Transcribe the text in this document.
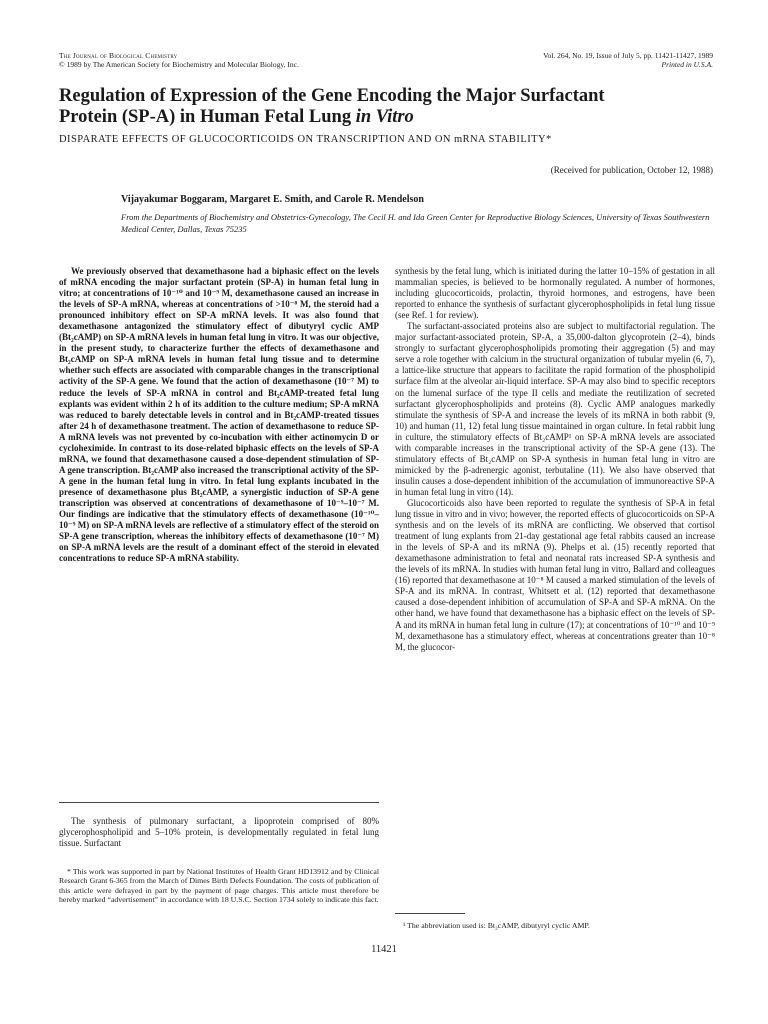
The Journal of Biological Chemistry
© 1989 by The American Society for Biochemistry and Molecular Biology, Inc.
Vol. 264, No. 19, Issue of July 5, pp. 11421-11427, 1989
Printed in U.S.A.
Regulation of Expression of the Gene Encoding the Major Surfactant
Protein (SP-A) in Human Fetal Lung in Vitro
DISPARATE EFFECTS OF GLUCOCORTICOIDS ON TRANSCRIPTION AND ON mRNA STABILITY*
(Received for publication, October 12, 1988)
Vijayakumar Boggaram, Margaret E. Smith, and Carole R. Mendelson
From the Departments of Biochemistry and Obstetrics-Gynecology, The Cecil H. and Ida Green Center for Reproductive Biology Sciences, University of Texas Southwestern Medical Center, Dallas, Texas 75235

We previously observed that dexamethasone had a biphasic effect on the levels of mRNA encoding the major surfactant protein (SP-A) in human fetal lung in vitro; at concentrations of 10⁻¹⁰ and 10⁻⁹ M, dexamethasone caused an increase in the levels of SP-A mRNA, whereas at concentrations of >10⁻⁸ M, the steroid had a pronounced inhibitory effect on SP-A mRNA levels. It was also found that dexamethasone antagonized the stimulatory effect of dibutyryl cyclic AMP (Bt₂cAMP) on SP-A mRNA levels in human fetal lung in vitro. It was our objective, in the present study, to characterize further the effects of dexamethasone and Bt₂cAMP on SP-A mRNA levels in human fetal lung tissue and to determine whether such effects are associated with comparable changes in the transcriptional activity of the SP-A gene. We found that the action of dexamethasone (10⁻⁷ M) to reduce the levels of SP-A mRNA in control and Bt₂cAMP-treated fetal lung explants was evident within 2 h of its addition to the culture medium; SP-A mRNA was reduced to barely detectable levels in control and in Bt₂cAMP-treated tissues after 24 h of dexamethasone treatment. The action of dexamethasone to reduce SP-A mRNA levels was not prevented by co-incubation with either actinomycin D or cycloheximide. In contrast to its dose-related biphasic effects on the levels of SP-A mRNA, we found that dexamethasone caused a dose-dependent stimulation of SP-A gene transcription. Bt₂cAMP also increased the transcriptional activity of the SP-A gene in the human fetal lung in vitro. In fetal lung explants incubated in the presence of dexamethasone plus Bt₂cAMP, a synergistic induction of SP-A gene transcription was observed at concentrations of dexamethasone of 10⁻⁹–10⁻⁷ M. Our findings are indicative that the stimulatory effects of dexamethasone (10⁻¹⁰–10⁻⁹ M) on SP-A mRNA levels are reflective of a stimulatory effect of the steroid on SP-A gene transcription, whereas the inhibitory effects of dexamethasone (10⁻⁷ M) on SP-A mRNA levels are the result of a dominant effect of the steroid in elevated concentrations to reduce SP-A mRNA stability.

The synthesis of pulmonary surfactant, a lipoprotein comprised of 80% glycerophospholipid and 5–10% protein, is developmentally regulated in fetal lung tissue. Surfactant

* This work was supported in part by National Institutes of Health Grant HD13912 and by Clinical Research Grant 6-365 from the March of Dimes Birth Defects Foundation. The costs of publication of this article were defrayed in part by the payment of page charges. This article must therefore be hereby marked “advertisement” in accordance with 18 U.S.C. Section 1734 solely to indicate this fact.

synthesis by the fetal lung, which is initiated during the latter 10–15% of gestation in all mammalian species, is believed to be hormonally regulated. A number of hormones, including glucocorticoids, prolactin, thyroid hormones, and estrogens, have been reported to enhance the synthesis of surfactant glycerophospholipids in fetal lung tissue (see Ref. 1 for review).

The surfactant-associated proteins also are subject to multifactorial regulation. The major surfactant-associated protein, SP-A, a 35,000-dalton glycoprotein (2–4), binds strongly to surfactant glycerophospholipids promoting their aggregation (5) and may serve a role together with calcium in the structural organization of tubular myelin (6, 7), a lattice-like structure that appears to facilitate the rapid formation of the phospholipid surface film at the alveolar air-liquid interface. SP-A may also bind to specific receptors on the lumenal surface of the type II cells and mediate the reutilization of secreted surfactant glycerophospholipids and proteins (8). Cyclic AMP analogues markedly stimulate the synthesis of SP-A and increase the levels of its mRNA in both rabbit (9, 10) and human (11, 12) fetal lung tissue maintained in organ culture. In fetal rabbit lung in culture, the stimulatory effects of Bt₂cAMP¹ on SP-A mRNA levels are associated with comparable increases in the transcriptional activity of the SP-A gene (13). The stimulatory effects of Bt₂cAMP on SP-A synthesis in human fetal lung in vitro are mimicked by the β-adrenergic agonist, terbutaline (11). We also have observed that insulin causes a dose-dependent inhibition of the accumulation of immunoreactive SP-A in human fetal lung in vitro (14).

Glucocorticoids also have been reported to regulate the synthesis of SP-A in fetal lung tissue in vitro and in vivo; however, the reported effects of glucocorticoids on SP-A synthesis and on the levels of its mRNA are conflicting. We observed that cortisol treatment of lung explants from 21-day gestational age fetal rabbits caused an increase in the levels of SP-A and its mRNA (9). Phelps et al. (15) recently reported that dexamethasone administration to fetal and neonatal rats increased SP-A synthesis and the levels of its mRNA. In studies with human fetal lung in vitro, Ballard and colleagues (16) reported that dexamethasone at 10⁻⁸ M caused a marked stimulation of the levels of SP-A and its mRNA. In contrast, Whitsett et al. (12) reported that dexamethasone caused a dose-dependent inhibition of accumulation of SP-A and SP-A mRNA. On the other hand, we have found that dexamethasone has a biphasic effect on the levels of SP-A and its mRNA in human fetal lung in culture (17); at concentrations of 10⁻¹⁰ and 10⁻⁹ M, dexamethasone has a stimulatory effect, whereas at concentrations greater than 10⁻⁸ M, the glucocor-

¹ The abbreviation used is: Bt₂cAMP, dibutyryl cyclic AMP.
11421
